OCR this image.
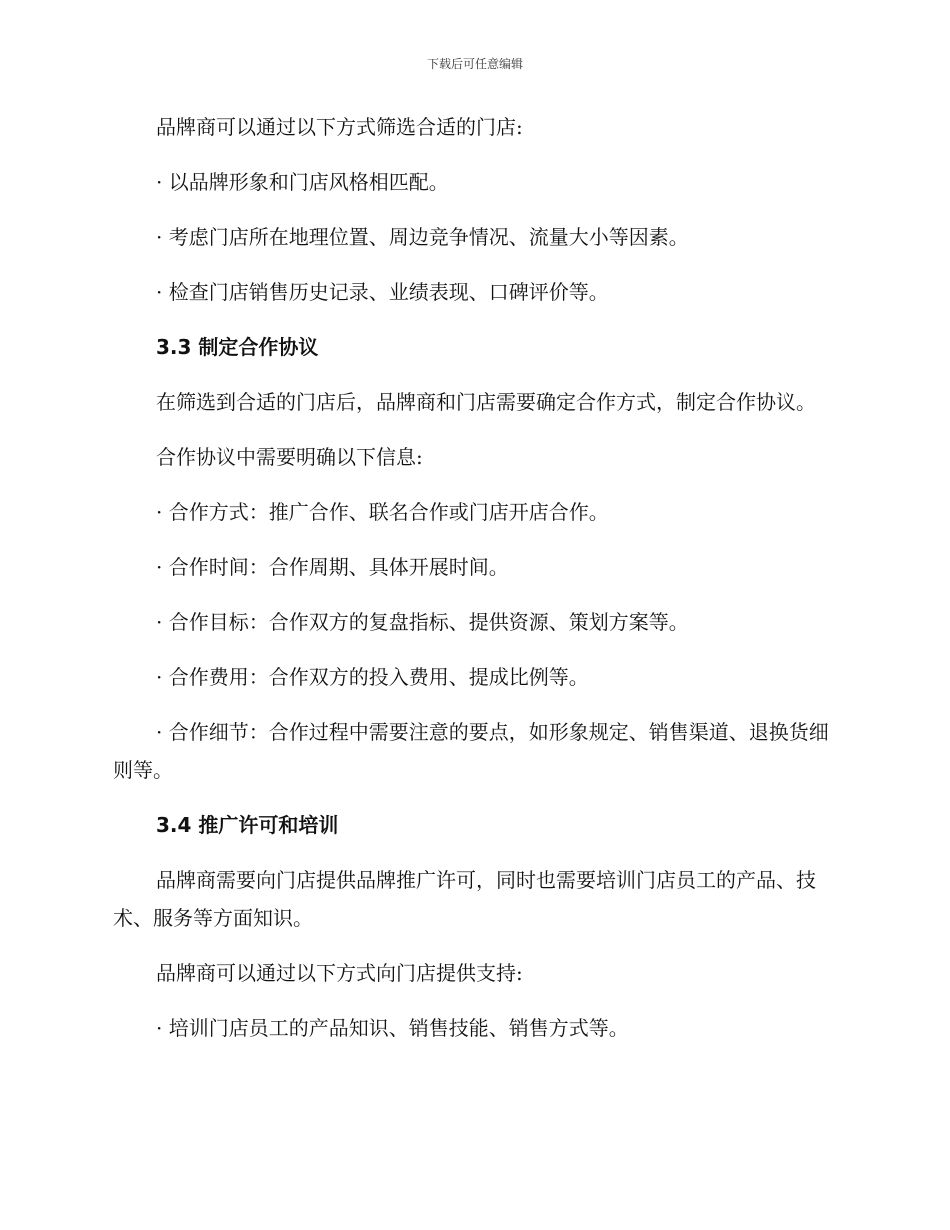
下载后可任意编辑

品牌商可以通过以下方式筛选合适的门店:

· 以品牌形象和门店风格相匹配。

· 考虑门店所在地理位置、周边竞争情况、流量大小等因素。

· 检查门店销售历史记录、业绩表现、口碑评价等。

3.3 制定合作协议

在筛选到合适的门店后，品牌商和门店需要确定合作方式，制定合作协议。

合作协议中需要明确以下信息:

· 合作方式：推广合作、联名合作或门店开店合作。

· 合作时间：合作周期、具体开展时间。

· 合作目标：合作双方的复盘指标、提供资源、策划方案等。

· 合作费用：合作双方的投入费用、提成比例等。

· 合作细节：合作过程中需要注意的要点，如形象规定、销售渠道、退换货细则等。

3.4 推广许可和培训

品牌商需要向门店提供品牌推广许可，同时也需要培训门店员工的产品、技术、服务等方面知识。

品牌商可以通过以下方式向门店提供支持:

· 培训门店员工的产品知识、销售技能、销售方式等。
